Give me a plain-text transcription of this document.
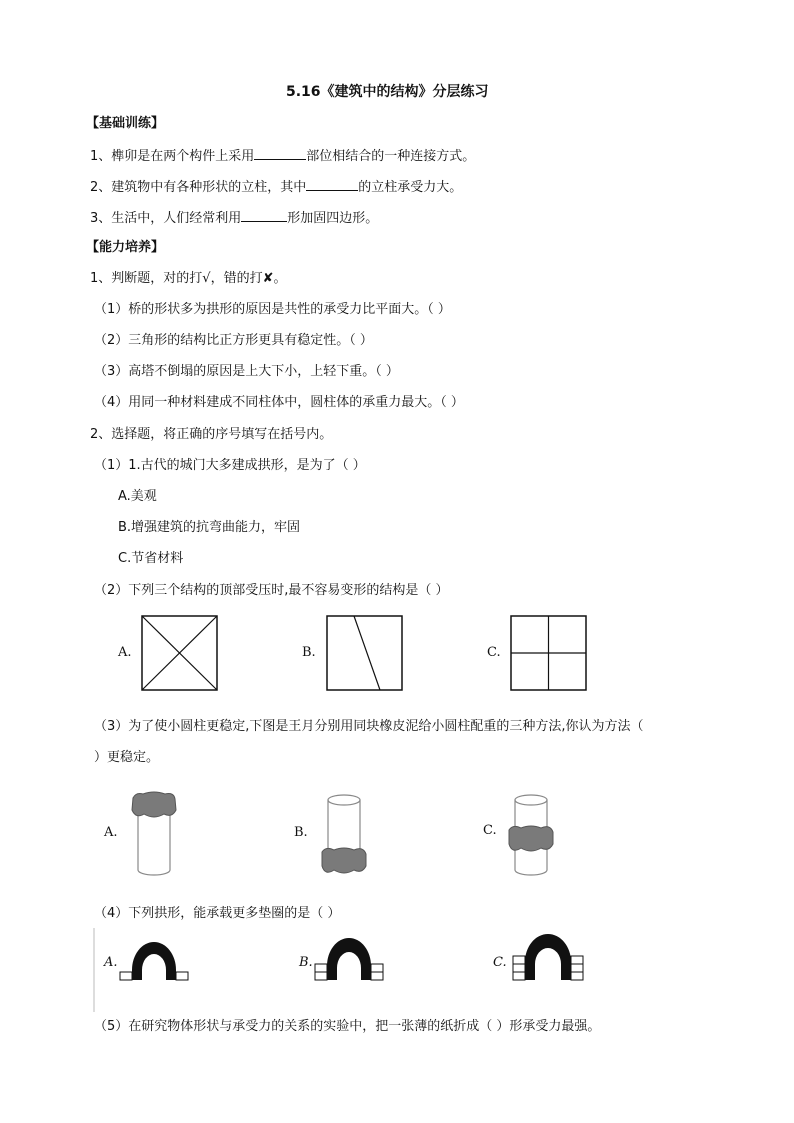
5.16《建筑中的结构》分层练习
【基础训练】
1、榫卯是在两个构件上采用	部位相结合的一种连接方式。
2、建筑物中有各种形状的立柱，其中	的立柱承受力大。
3、生活中，人们经常利用	形加固四边形。
【能力培养】
1、判断题，对的打√，错的打✘。
（1）桥的形状多为拱形的原因是共性的承受力比平面大。（ ）
（2）三角形的结构比正方形更具有稳定性。（ ）
（3）高塔不倒塌的原因是上大下小，上轻下重。（ ）
（4）用同一种材料建成不同柱体中，圆柱体的承重力最大。（ ）
2、选择题，将正确的序号填写在括号内。
（1）1.古代的城门大多建成拱形，是为了（ ）
A.美观
B.增强建筑的抗弯曲能力，牢固
C.节省材料
（2）下列三个结构的顶部受压时,最不容易变形的结构是（ ）
A.	B.	C.
（3）为了使小圆柱更稳定,下图是王月分别用同块橡皮泥给小圆柱配重的三种方法,你认为方法（
）更稳定。
A.	B.	C.
（4）下列拱形，能承载更多垫圈的是（ ）
A.	B.	C.
（5）在研究物体形状与承受力的关系的实验中，把一张薄的纸折成（ ）形承受力最强。
